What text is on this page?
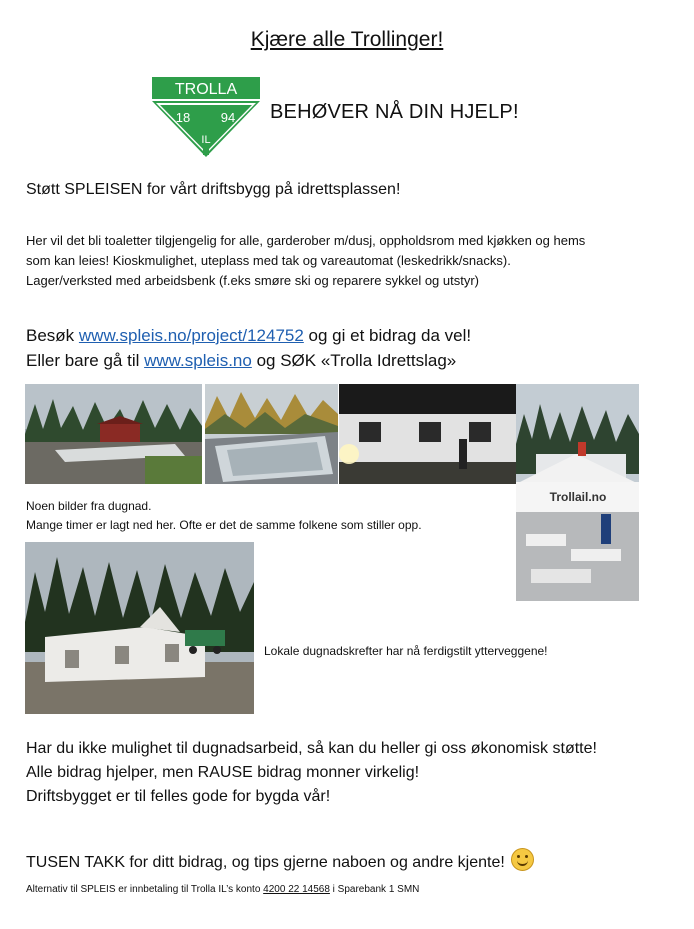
Kjære alle Trollinger!
TROLLA
18 94
IL
BEHØVER NÅ DIN HJELP!
Støtt SPLEISEN for vårt driftsbygg på idrettsplassen!
Her vil det bli toaletter tilgjengelig for alle, garderober m/dusj, oppholdsrom med kjøkken og hems
som kan leies! Kioskmulighet, uteplass med tak og vareautomat (leskedrikk/snacks).
Lager/verksted med arbeidsbenk (f.eks smøre ski og reparere sykkel og utstyr)
Besøk www.spleis.no/project/124752 og gi et bidrag da vel!
Eller bare gå til www.spleis.no og SØK «Trolla Idrettslag»
Trollail.no
Noen bilder fra dugnad.
Mange timer er lagt ned her. Ofte er det de samme folkene som stiller opp.
Lokale dugnadskrefter har nå ferdigstilt ytterveggene!
Har du ikke mulighet til dugnadsarbeid, så kan du heller gi oss økonomisk støtte!
Alle bidrag hjelper, men RAUSE bidrag monner virkelig!
Driftsbygget er til felles gode for bygda vår!
TUSEN TAKK for ditt bidrag, og tips gjerne naboen og andre kjente!
Alternativ til SPLEIS er innbetaling til Trolla IL’s konto 4200 22 14568 i Sparebank 1 SMN
